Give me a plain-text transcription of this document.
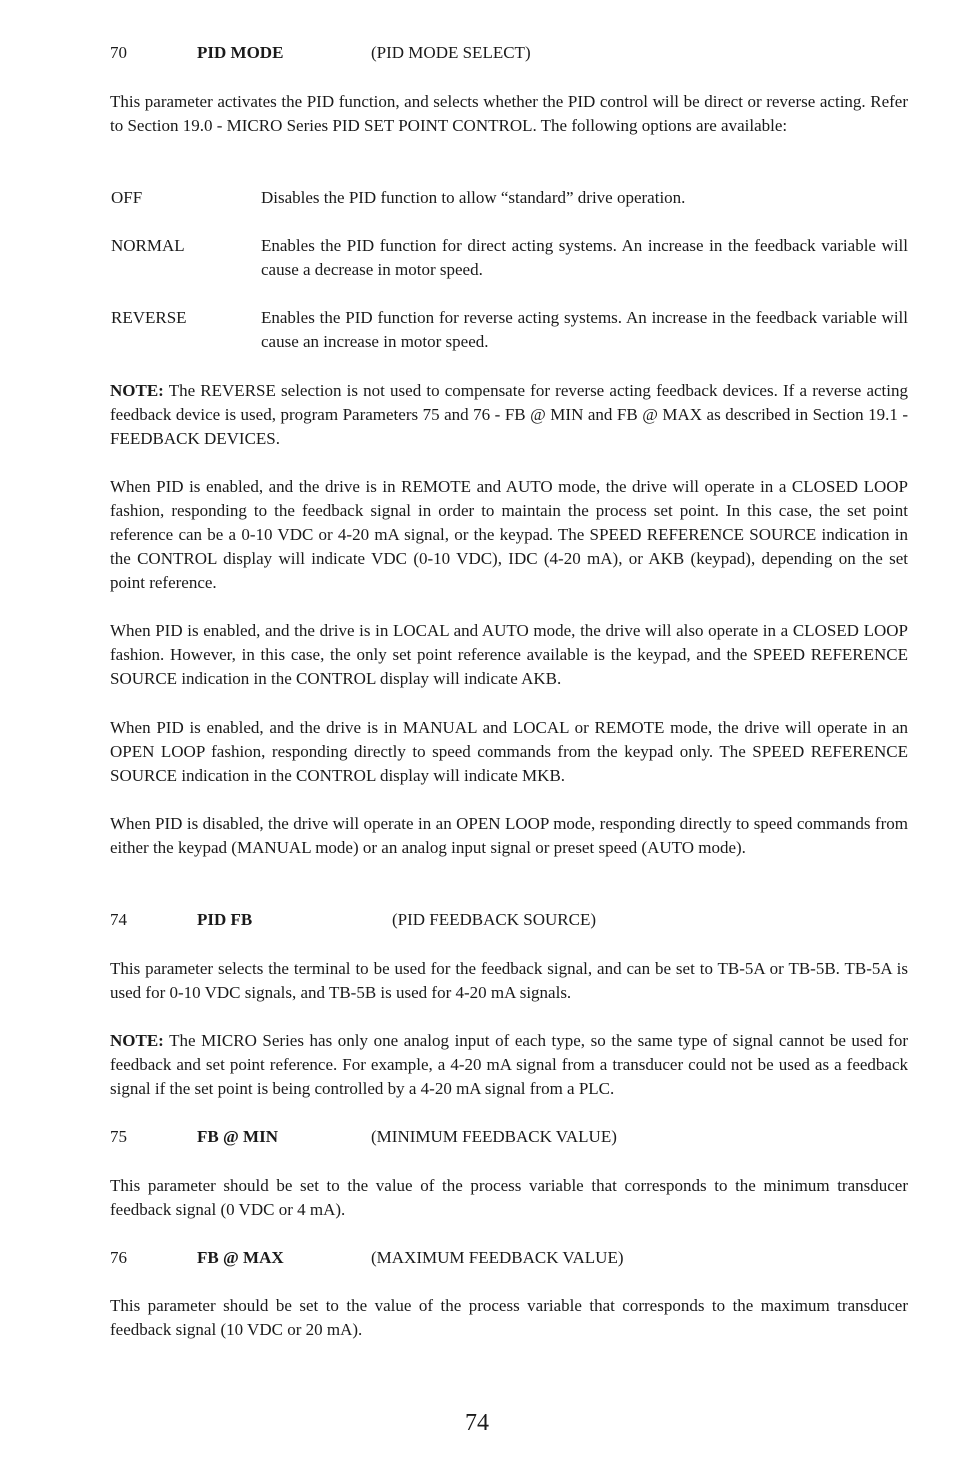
70	PID MODE	(PID MODE SELECT)
This parameter activates the PID function, and selects whether the PID control will be direct or reverse acting. Refer to Section 19.0 - MICRO Series PID SET POINT CONTROL. The following options are available:
OFF	Disables the PID function to allow “standard” drive operation.
NORMAL	Enables the PID function for direct acting systems. An increase in the feedback variable will cause a decrease in motor speed.
REVERSE	Enables the PID function for reverse acting systems. An increase in the feedback variable will cause an increase in motor speed.
NOTE: The REVERSE selection is not used to compensate for reverse acting feedback devices. If a reverse acting feedback device is used, program Parameters 75 and 76 - FB @ MIN and FB @ MAX as described in Section 19.1 - FEEDBACK DEVICES.
When PID is enabled, and the drive is in REMOTE and AUTO mode, the drive will operate in a CLOSED LOOP fashion, responding to the feedback signal in order to maintain the process set point. In this case, the set point reference can be a 0-10 VDC or 4-20 mA signal, or the keypad. The SPEED REFERENCE SOURCE indication in the CONTROL display will indicate VDC (0-10 VDC), IDC (4-20 mA), or AKB (keypad), depending on the set point reference.
When PID is enabled, and the drive is in LOCAL and AUTO mode, the drive will also operate in a CLOSED LOOP fashion. However, in this case, the only set point reference available is the keypad, and the SPEED REFERENCE SOURCE indication in the CONTROL display will indicate AKB.
When PID is enabled, and the drive is in MANUAL and LOCAL or REMOTE mode, the drive will operate in an OPEN LOOP fashion, responding directly to speed commands from the keypad only. The SPEED REFERENCE SOURCE indication in the CONTROL display will indicate MKB.
When PID is disabled, the drive will operate in an OPEN LOOP mode, responding directly to speed commands from either the keypad (MANUAL mode) or an analog input signal or preset speed (AUTO mode).
74	PID FB	(PID FEEDBACK SOURCE)
This parameter selects the terminal to be used for the feedback signal, and can be set to TB-5A or TB-5B. TB-5A is used for 0-10 VDC signals, and TB-5B is used for 4-20 mA signals.
NOTE: The MICRO Series has only one analog input of each type, so the same type of signal cannot be used for feedback and set point reference. For example, a 4-20 mA signal from a transducer could not be used as a feedback signal if the set point is being controlled by a 4-20 mA signal from a PLC.
75	FB @ MIN	(MINIMUM FEEDBACK VALUE)
This parameter should be set to the value of the process variable that corresponds to the minimum transducer feedback signal (0 VDC or 4 mA).
76	FB @ MAX	(MAXIMUM FEEDBACK VALUE)
This parameter should be set to the value of the process variable that corresponds to the maximum transducer feedback signal (10 VDC or 20 mA).
74
